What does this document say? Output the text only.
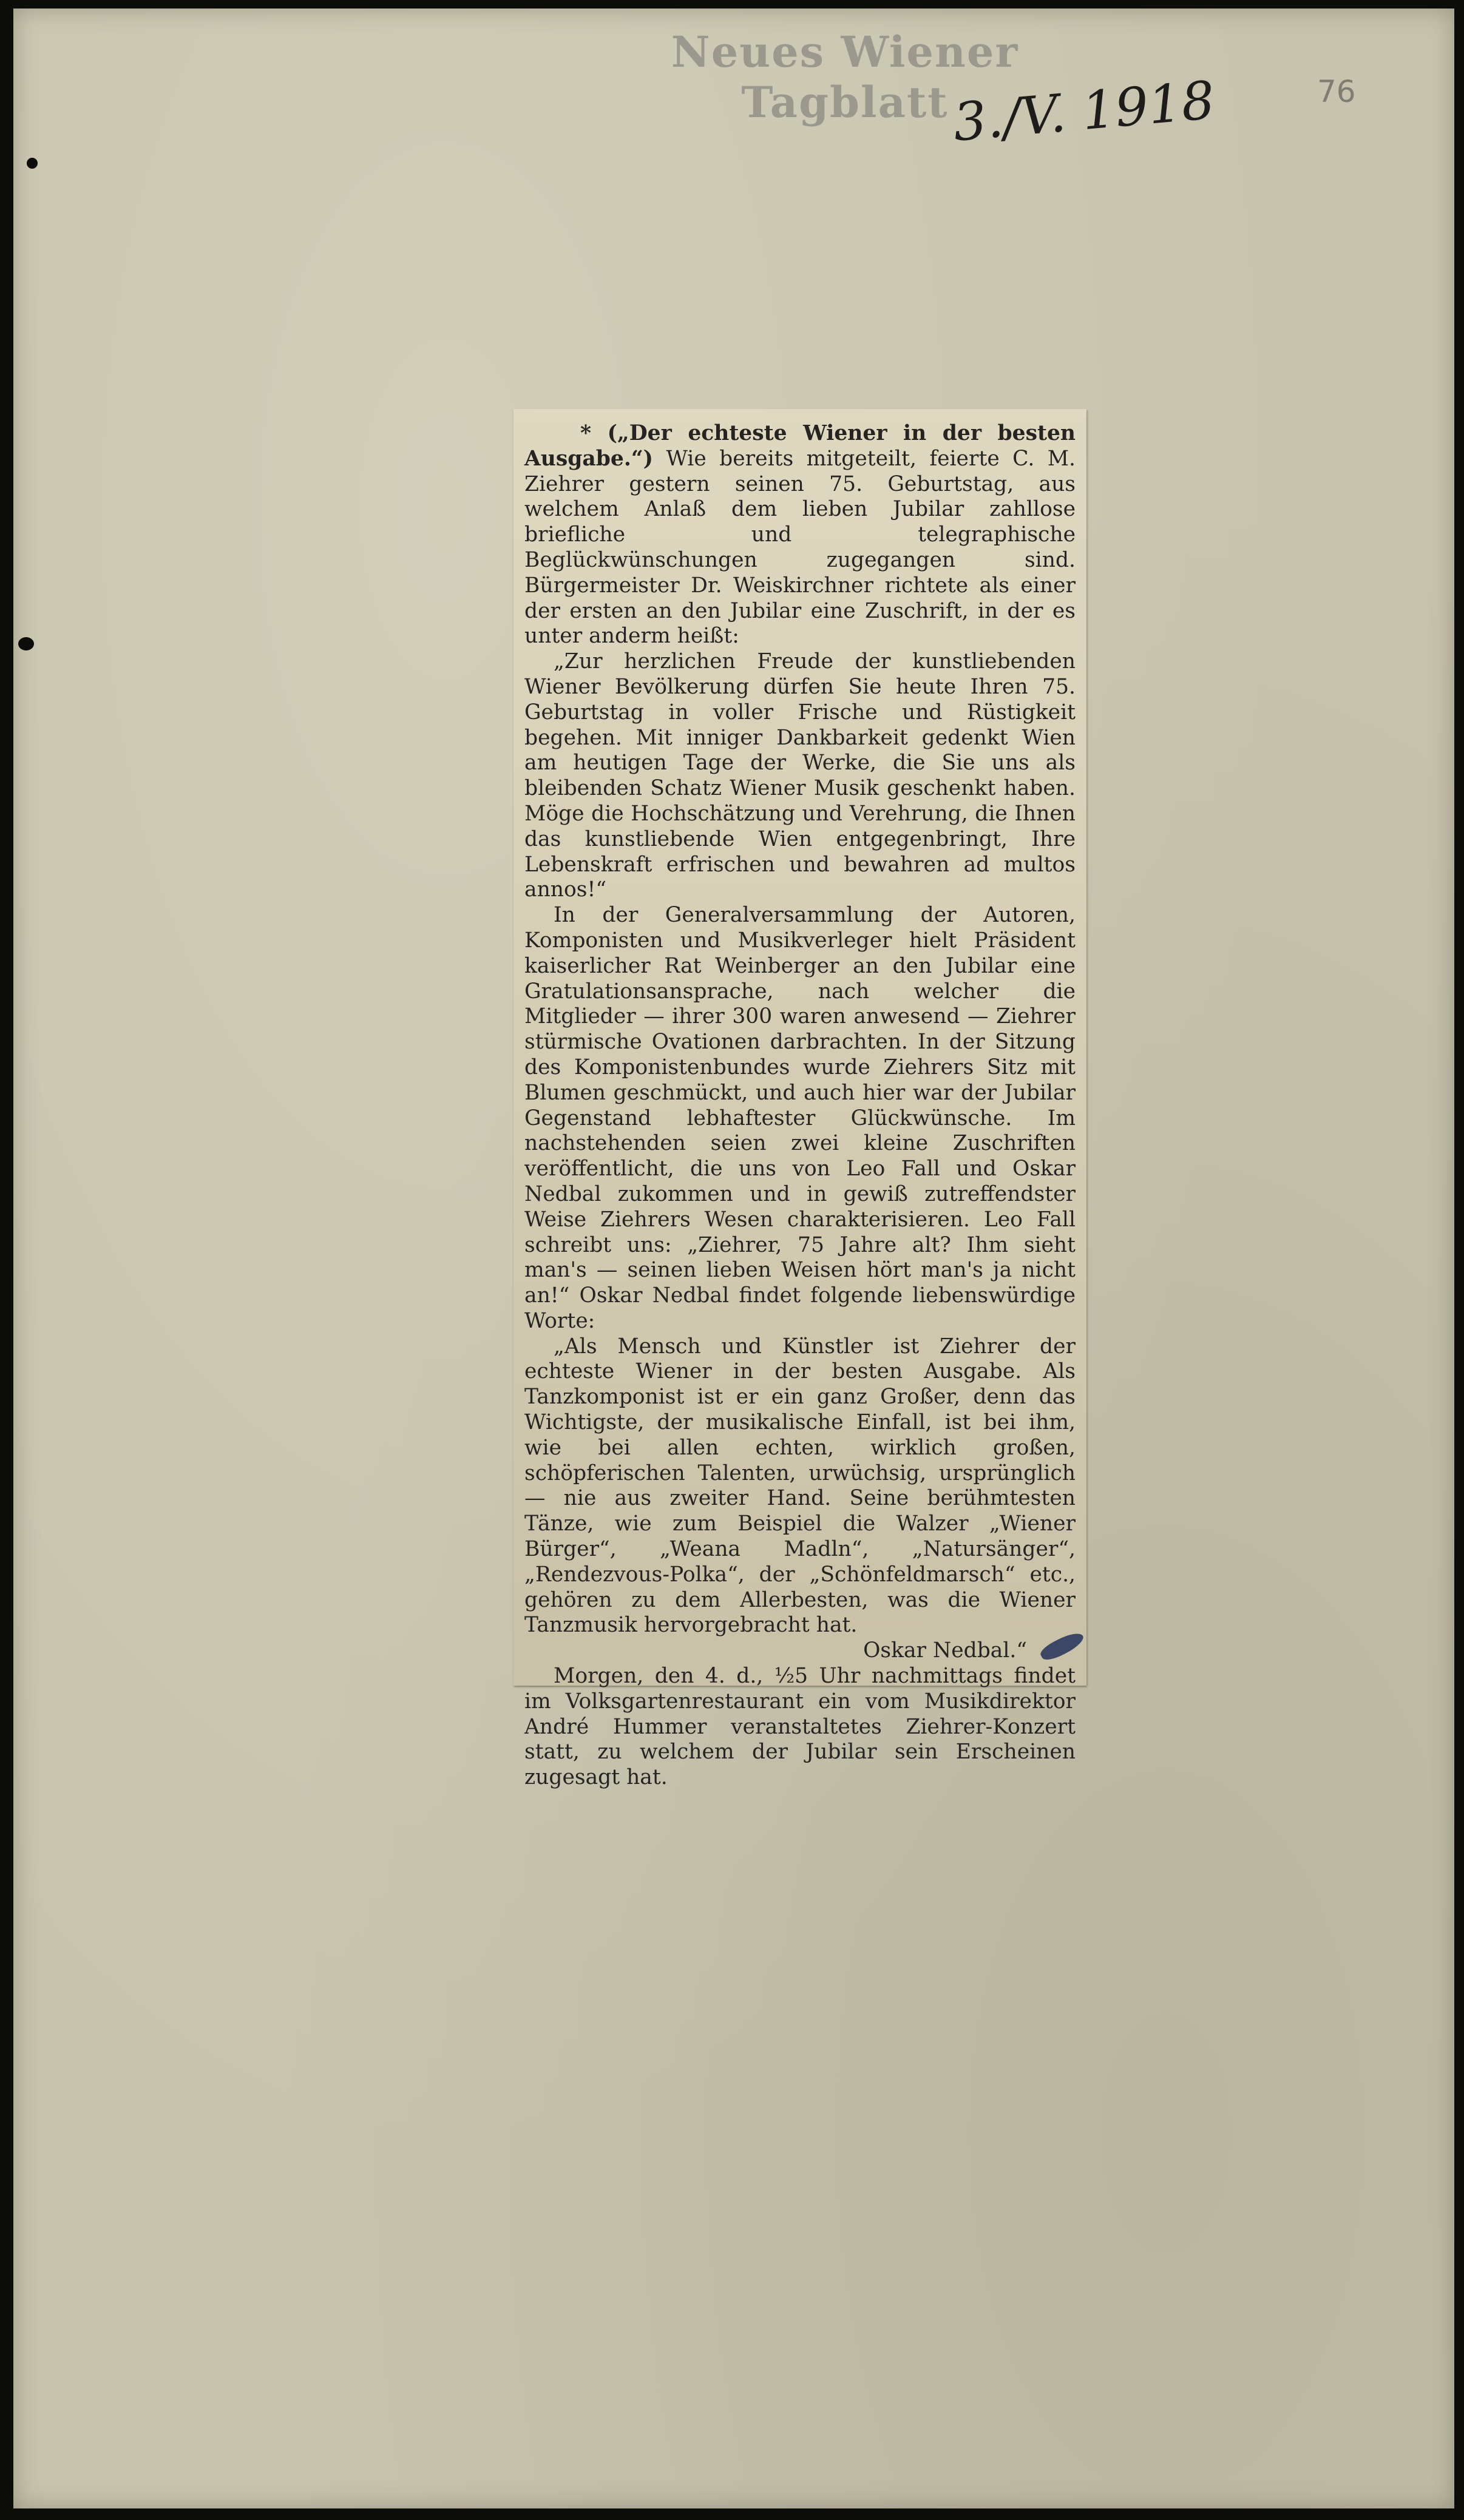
Neues Wiener Tagblatt 3./V. 1918	76

* („Der echteste Wiener in der besten Ausgabe.“) Wie bereits mitgeteilt, feierte C. M. Ziehrer gestern seinen 75. Geburtstag, aus welchem Anlaß dem lieben Jubilar zahllose briefliche und telegraphische Beglückwünschungen zugegangen sind. Bürgermeister Dr. Weiskirchner richtete als einer der ersten an den Jubilar eine Zuschrift, in der es unter anderm heißt:

„Zur herzlichen Freude der kunstliebenden Wiener Bevölkerung dürfen Sie heute Ihren 75. Geburtstag in voller Frische und Rüstigkeit begehen. Mit inniger Dankbarkeit gedenkt Wien am heutigen Tage der Werke, die Sie uns als bleibenden Schatz Wiener Musik geschenkt haben. Möge die Hochschätzung und Verehrung, die Ihnen das kunstliebende Wien entgegenbringt, Ihre Lebenskraft erfrischen und bewahren ad multos annos!“

In der Generalversammlung der Autoren, Komponisten und Musikverleger hielt Präsident kaiserlicher Rat Weinberger an den Jubilar eine Gratulationsansprache, nach welcher die Mitglieder — ihrer 300 waren anwesend — Ziehrer stürmische Ovationen darbrachten. In der Sitzung des Komponistenbundes wurde Ziehrers Sitz mit Blumen geschmückt, und auch hier war der Jubilar Gegenstand lebhaftester Glückwünsche. Im nachstehenden seien zwei kleine Zuschriften veröffentlicht, die uns von Leo Fall und Oskar Nedbal zukommen und in gewiß zutreffendster Weise Ziehrers Wesen charakterisieren. Leo Fall schreibt uns: „Ziehrer, 75 Jahre alt? Ihm sieht man's — seinen lieben Weisen hört man's ja nicht an!“ Oskar Nedbal findet folgende liebenswürdige Worte:

„Als Mensch und Künstler ist Ziehrer der echteste Wiener in der besten Ausgabe. Als Tanzkomponist ist er ein ganz Großer, denn das Wichtigste, der musikalische Einfall, ist bei ihm, wie bei allen echten, wirklich großen, schöpferischen Talenten, urwüchsig, ursprünglich — nie aus zweiter Hand. Seine berühmtesten Tänze, wie zum Beispiel die Walzer „Wiener Bürger“, „Weana Madln“, „Natursänger“, „Rendezvous-Polka“, der „Schönfeldmarsch“ etc., gehören zu dem Allerbesten, was die Wiener Tanzmusik hervorgebracht hat.

Oskar Nedbal.“

Morgen, den 4. d., ½5 Uhr nachmittags findet im Volksgartenrestaurant ein vom Musikdirektor André Hummer veranstaltetes Ziehrer-Konzert statt, zu welchem der Jubilar sein Erscheinen zugesagt hat.
